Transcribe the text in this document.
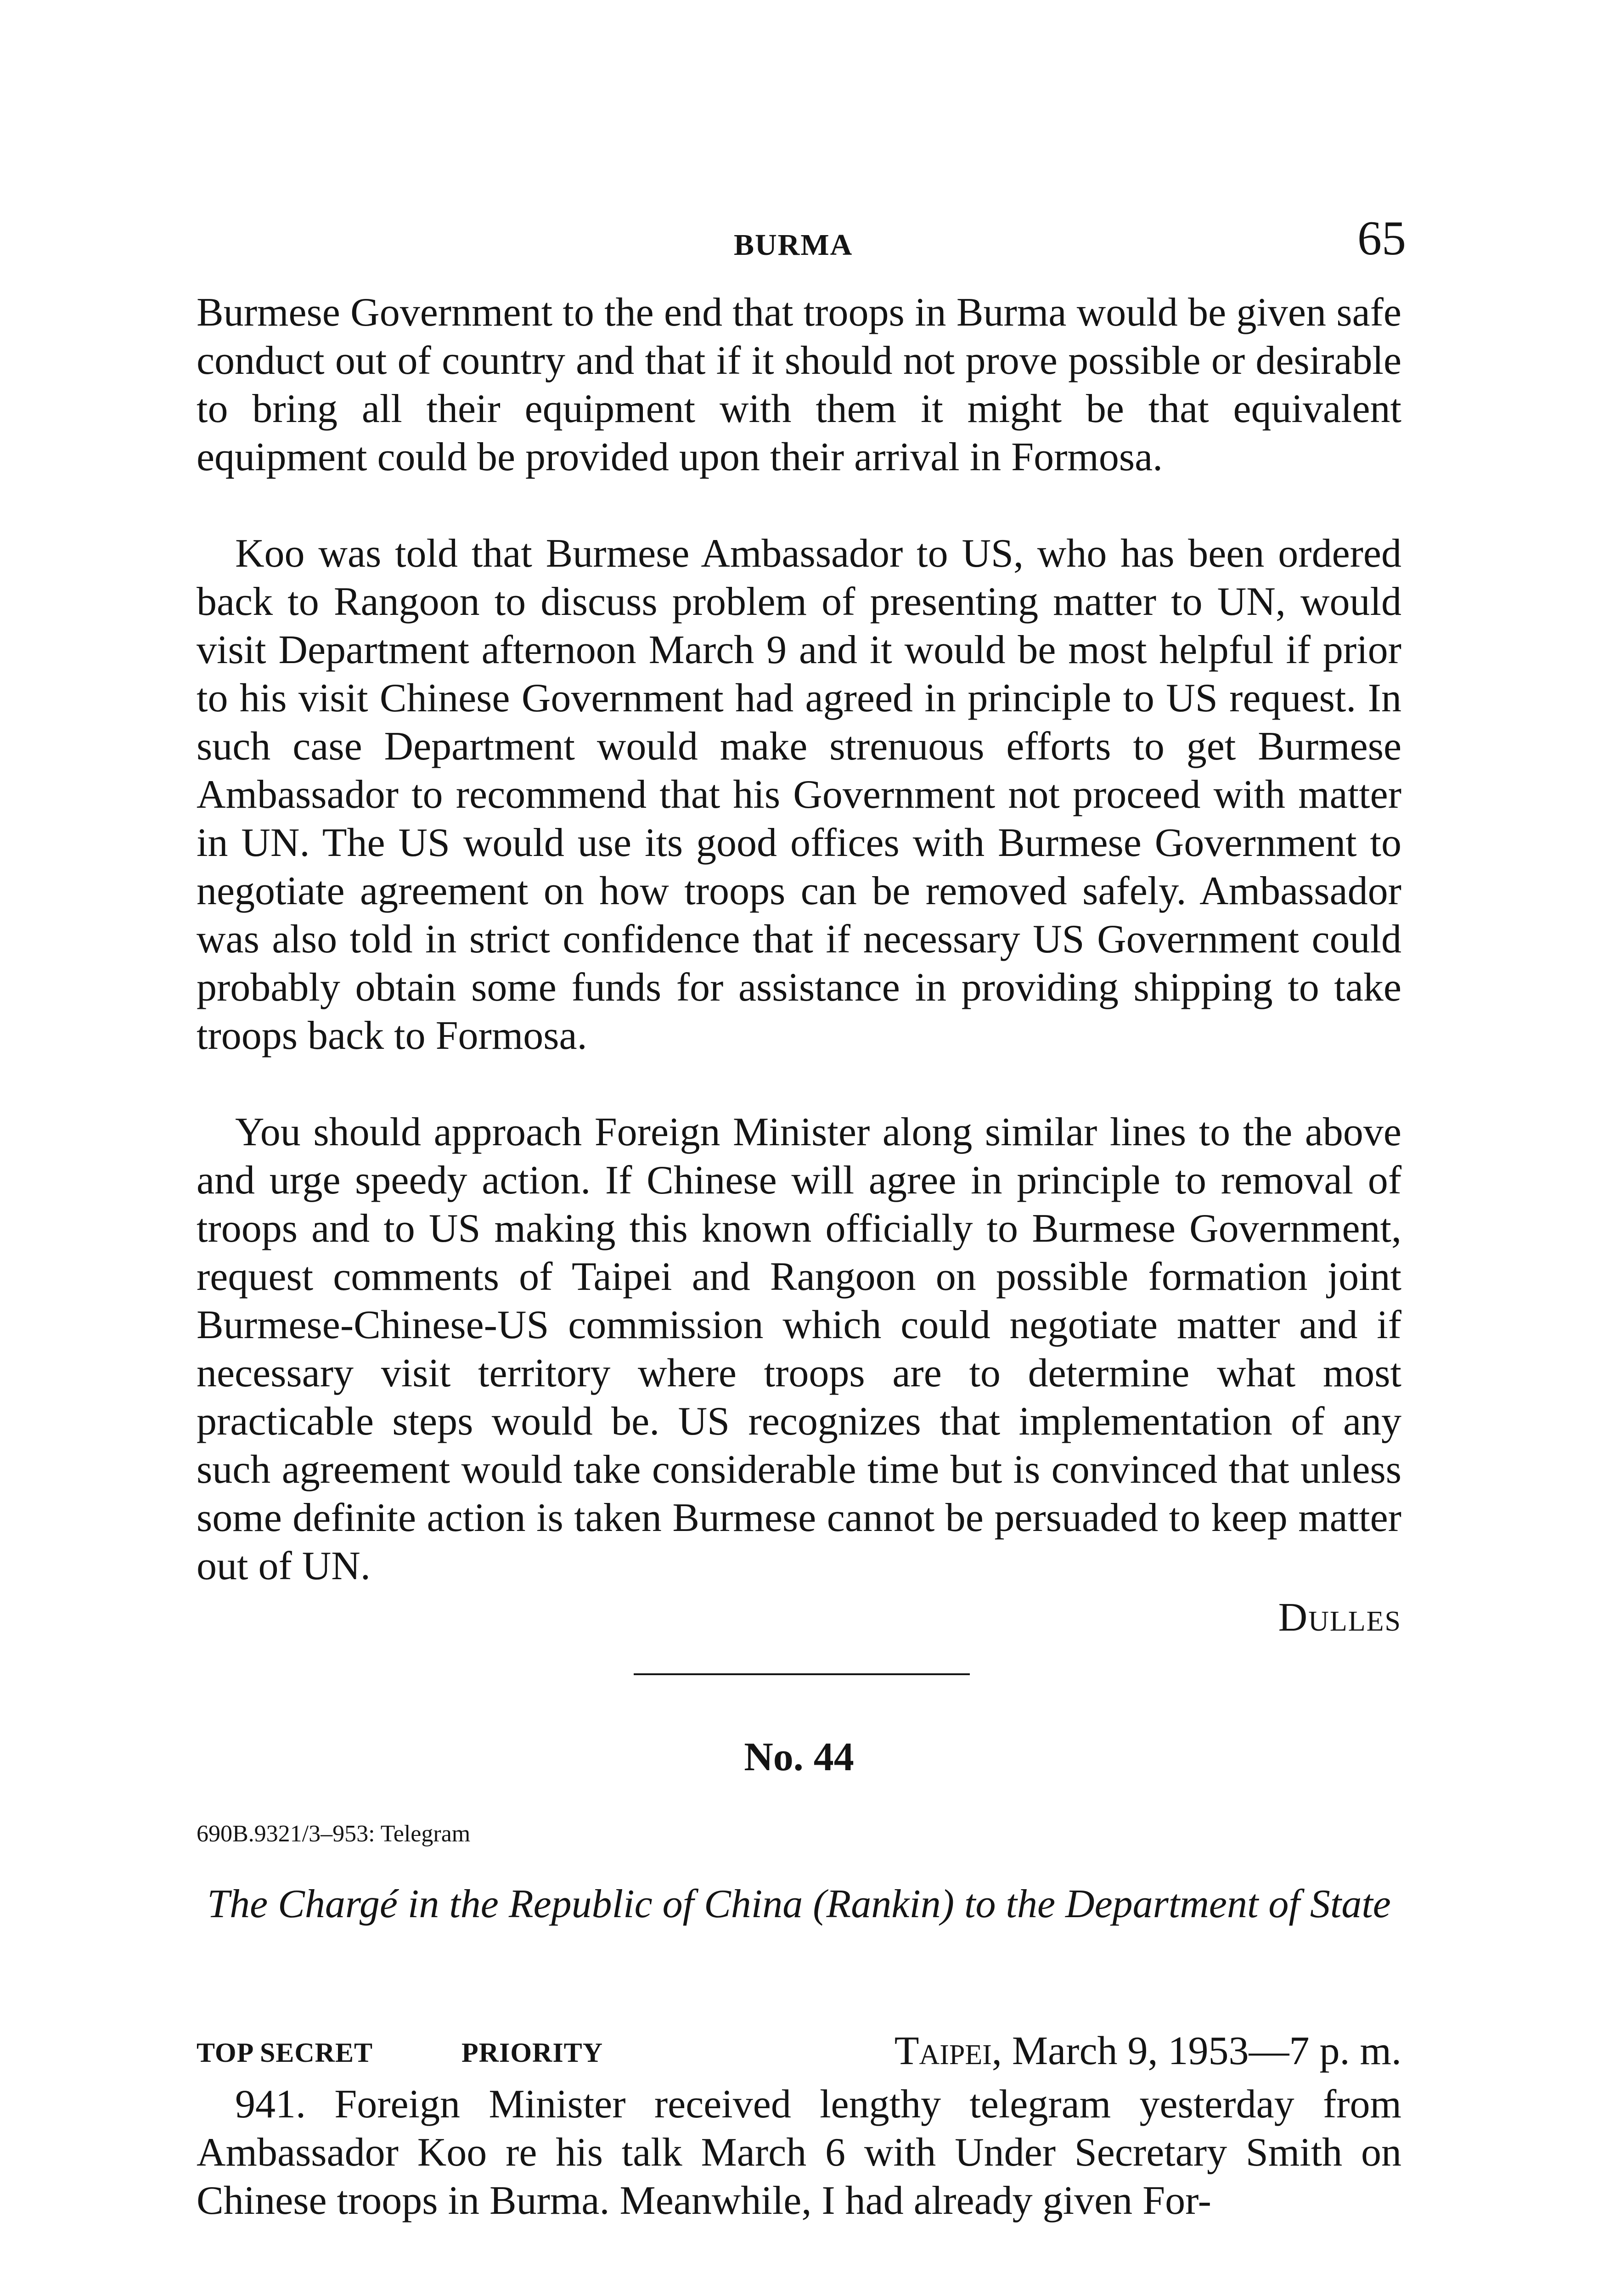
BURMA	65

Burmese Government to the end that troops in Burma would be given safe conduct out of country and that if it should not prove possible or desirable to bring all their equipment with them it might be that equivalent equipment could be provided upon their arrival in Formosa.

Koo was told that Burmese Ambassador to US, who has been ordered back to Rangoon to discuss problem of presenting matter to UN, would visit Department afternoon March 9 and it would be most helpful if prior to his visit Chinese Government had agreed in principle to US request. In such case Department would make strenuous efforts to get Burmese Ambassador to recommend that his Government not proceed with matter in UN. The US would use its good offices with Burmese Government to negotiate agreement on how troops can be removed safely. Ambassador was also told in strict confidence that if necessary US Government could probably obtain some funds for assistance in providing shipping to take troops back to Formosa.

You should approach Foreign Minister along similar lines to the above and urge speedy action. If Chinese will agree in principle to removal of troops and to US making this known officially to Burmese Government, request comments of Taipei and Rangoon on possible formation joint Burmese-Chinese-US commission which could negotiate matter and if necessary visit territory where troops are to determine what most practicable steps would be. US recognizes that implementation of any such agreement would take considerable time but is convinced that unless some definite action is taken Burmese cannot be persuaded to keep matter out of UN.

Dulles
No. 44
690B.9321/3–953: Telegram
The Chargé in the Republic of China (Rankin) to the Department of State
TOP SECRET	PRIORITY	Taipei, March 9, 1953—7 p. m.

941. Foreign Minister received lengthy telegram yesterday from Ambassador Koo re his talk March 6 with Under Secretary Smith on Chinese troops in Burma. Meanwhile, I had already given For-
